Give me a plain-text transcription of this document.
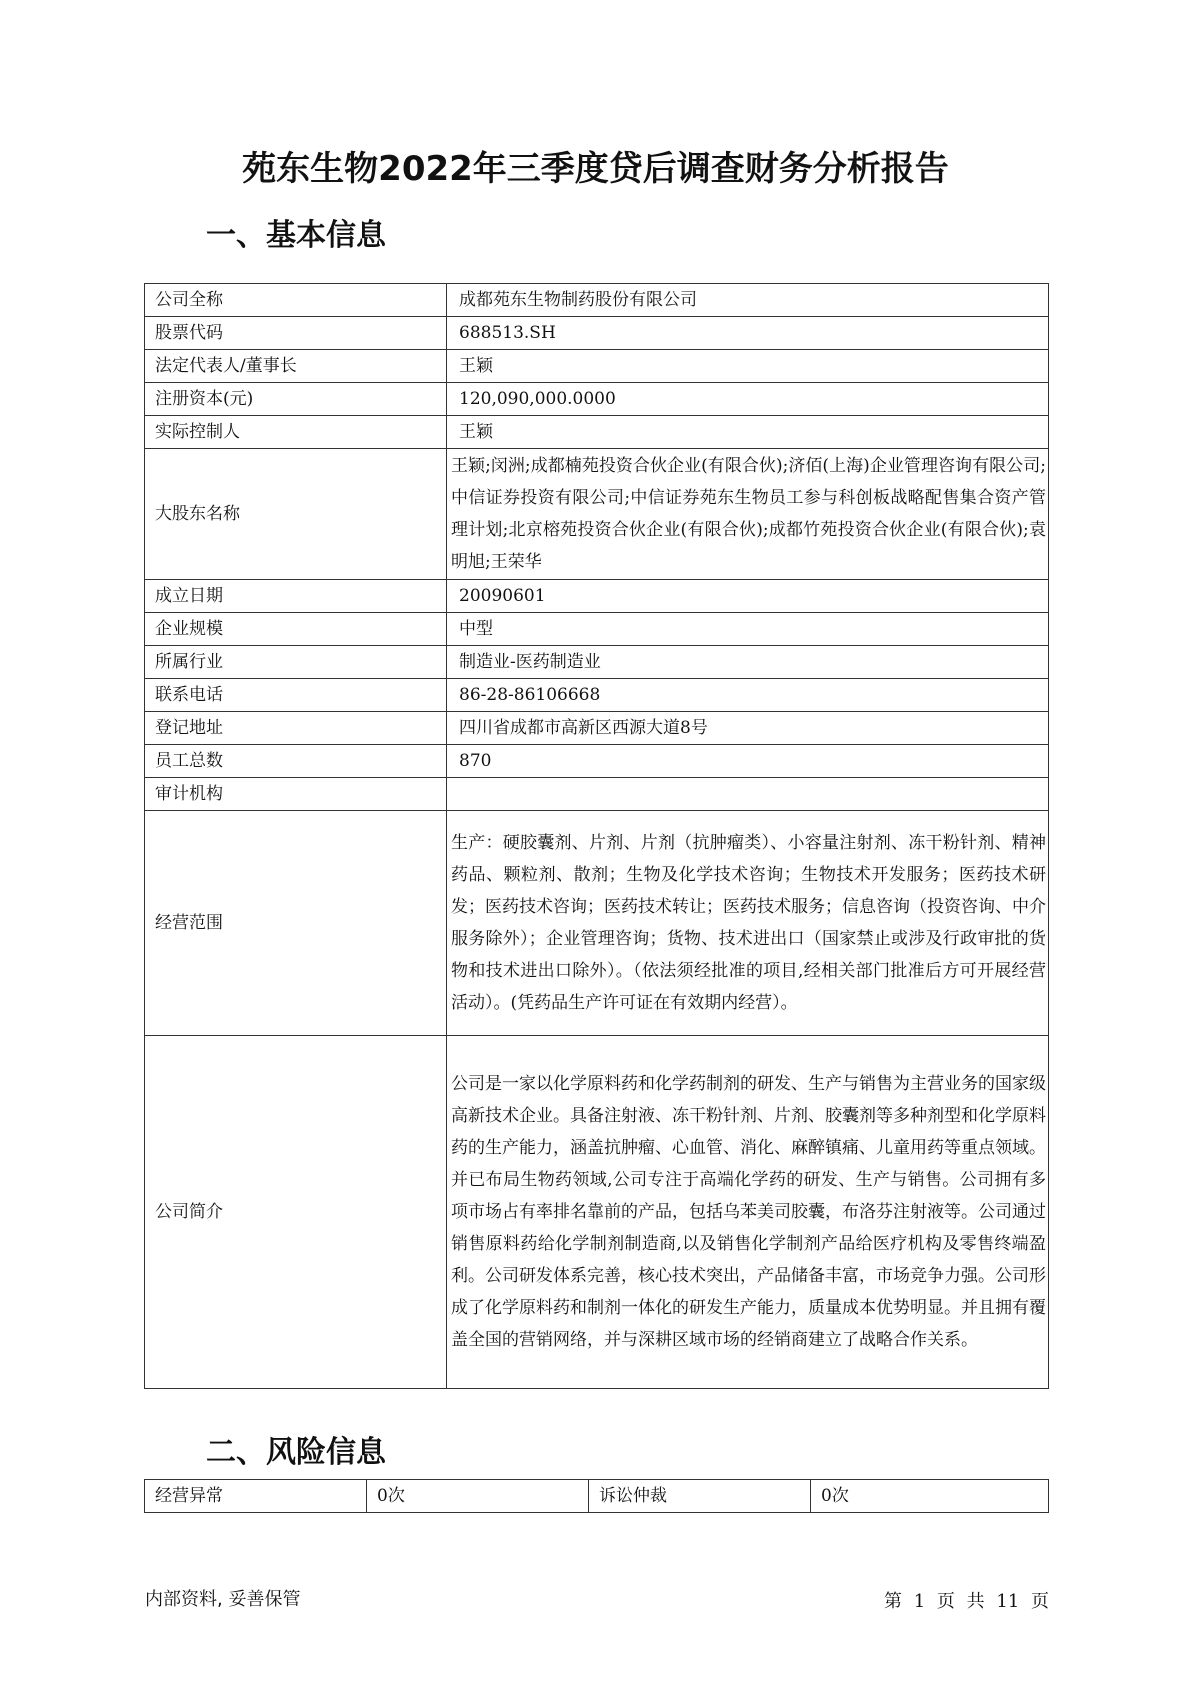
苑东生物2022年三季度贷后调查财务分析报告
一、基本信息
公司全称	成都苑东生物制药股份有限公司
股票代码	688513.SH
法定代表人/董事长	王颖
注册资本(元)	120,090,000.0000
实际控制人	王颖
大股东名称	王颖;闵洲;成都楠苑投资合伙企业(有限合伙);济佰(上海)企业管理咨询有限公司;中信证券投资有限公司;中信证券苑东生物员工参与科创板战略配售集合资产管理计划;北京榕苑投资合伙企业(有限合伙);成都竹苑投资合伙企业(有限合伙);袁明旭;王荣华
成立日期	20090601
企业规模	中型
所属行业	制造业-医药制造业
联系电话	86-28-86106668
登记地址	四川省成都市高新区西源大道8号
员工总数	870
审计机构	
经营范围	生产：硬胶囊剂、片剂、片剂（抗肿瘤类）、小容量注射剂、冻干粉针剂、精神药品、颗粒剂、散剂；生物及化学技术咨询；生物技术开发服务；医药技术研发；医药技术咨询；医药技术转让；医药技术服务；信息咨询（投资咨询、中介服务除外）；企业管理咨询；货物、技术进出口（国家禁止或涉及行政审批的货物和技术进出口除外）。（依法须经批准的项目,经相关部门批准后方可开展经营活动）。(凭药品生产许可证在有效期内经营）。
公司简介	公司是一家以化学原料药和化学药制剂的研发、生产与销售为主营业务的国家级高新技术企业。具备注射液、冻干粉针剂、片剂、胶囊剂等多种剂型和化学原料药的生产能力，涵盖抗肿瘤、心血管、消化、麻醉镇痛、儿童用药等重点领域。并已布局生物药领域,公司专注于高端化学药的研发、生产与销售。公司拥有多项市场占有率排名靠前的产品，包括乌苯美司胶囊，布洛芬注射液等。公司通过销售原料药给化学制剂制造商,以及销售化学制剂产品给医疗机构及零售终端盈利。公司研发体系完善，核心技术突出，产品储备丰富，市场竞争力强。公司形成了化学原料药和制剂一体化的研发生产能力，质量成本优势明显。并且拥有覆盖全国的营销网络，并与深耕区域市场的经销商建立了战略合作关系。
二、风险信息
经营异常	0次	诉讼仲裁	0次
内部资料, 妥善保管	第 1 页 共 11 页
